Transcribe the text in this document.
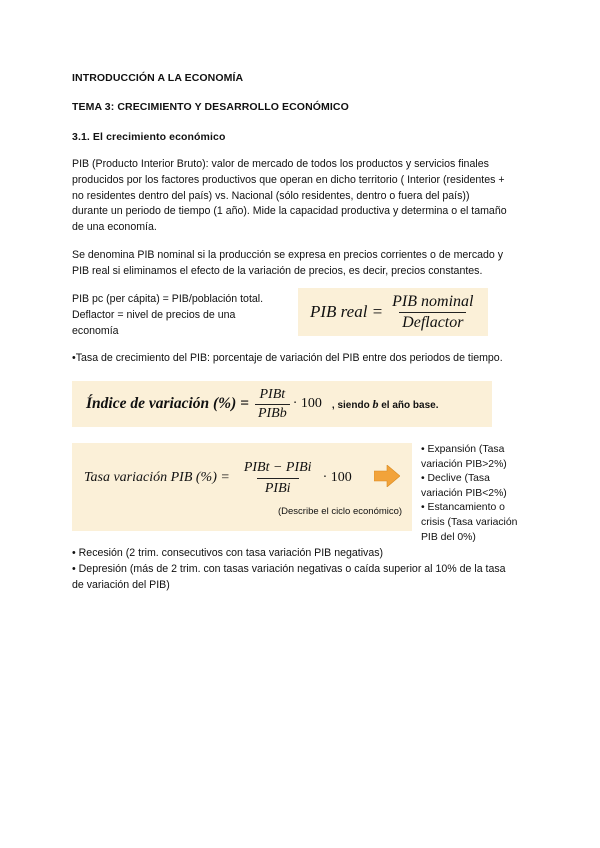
INTRODUCCIÓN A LA ECONOMÍA
TEMA 3: CRECIMIENTO Y DESARROLLO ECONÓMICO
3.1. El crecimiento económico
PIB (Producto Interior Bruto): valor de mercado de todos los productos y servicios finales
producidos por los factores productivos que operan en dicho territorio ( Interior (residentes +
no residentes dentro del país) vs. Nacional (sólo residentes, dentro o fuera del país))
durante un periodo de tiempo (1 año). Mide la capacidad productiva y determina o el tamaño
de una economía.
Se denomina PIB nominal si la producción se expresa en precios corrientes o de mercado y
PIB real si eliminamos el efecto de la variación de precios, es decir, precios constantes.
PIB pc (per cápita) = PIB/población total.
Deflactor = nivel de precios de una
economía
PIB real = $\frac{\text{PIB nominal}}{\text{Deflactor}}$
•Tasa de crecimiento del PIB: porcentaje de variación del PIB entre dos periodos de tiempo.
Índice de variación (%) = $\frac{\text{PIBt}}{\text{PIBb}} \cdot 100$ , siendo b el año base.
Tasa variación PIB (%) = $\frac{\text{PIBt − PIBi}}{\text{PIBi}} \cdot 100$
(Describe el ciclo económico)
• Expansión (Tasa
variación PIB>2%)
• Declive (Tasa
variación PIB<2%)
• Estancamiento o
crisis (Tasa variación
PIB del 0%)
• Recesión (2 trim. consecutivos con tasa variación PIB negativas)
• Depresión (más de 2 trim. con tasas variación negativas o caída superior al 10% de la tasa
de variación del PIB)
